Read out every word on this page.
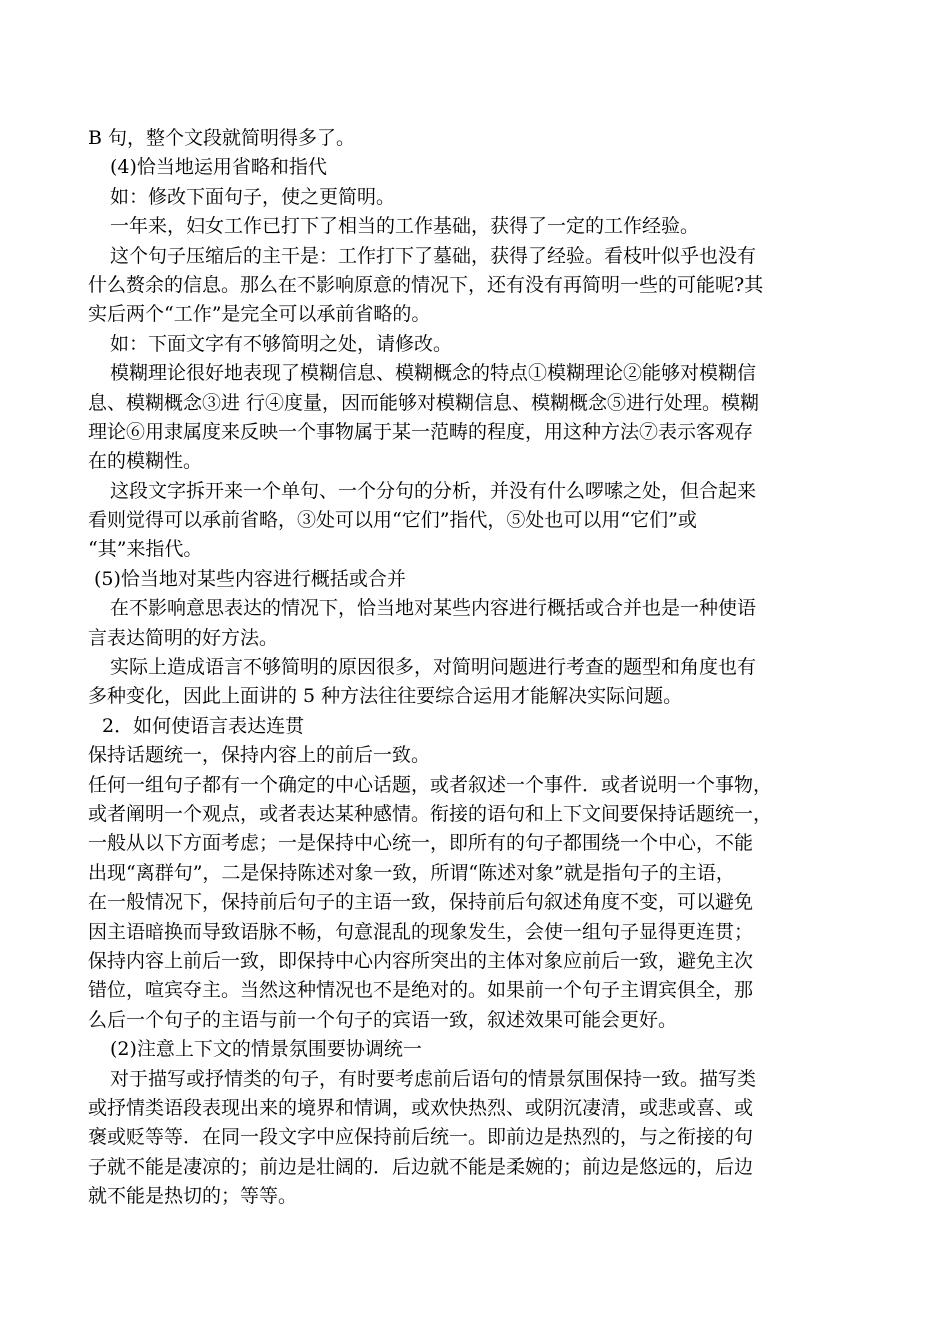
B 句，整个文段就简明得多了。
(4)恰当地运用省略和指代
如：修改下面句子，使之更简明。
一年来，妇女工作已打下了相当的工作基础，获得了一定的工作经验。
这个句子压缩后的主干是：工作打下了墓础，获得了经验。看枝叶似乎也没有
什么赘余的信息。那么在不影响原意的情况下，还有没有再简明一些的可能呢?其
实后两个“工作”是完全可以承前省略的。
如：下面文字有不够简明之处，请修改。
模糊理论很好地表现了模糊信息、模糊概念的特点①模糊理论②能够对模糊信
息、模糊概念③进 行④度量，因而能够对模糊信息、模糊概念⑤进行处理。模糊
理论⑥用隶属度来反映一个事物属于某一范畴的程度，用这种方法⑦表示客观存
在的模糊性。
这段文字拆开来一个单句、一个分句的分析，并没有什么啰嗦之处，但合起来
看则觉得可以承前省略，③处可以用“它们”指代，⑤处也可以用“它们”或
“其”来指代。
(5)恰当地对某些内容进行概括或合并
在不影响意思表达的情况下，恰当地对某些内容进行概括或合并也是一种使语
言表达简明的好方法。
实际上造成语言不够简明的原因很多，对简明问题进行考查的题型和角度也有
多种变化，因此上面讲的 5 种方法往往要综合运用才能解决实际问题。
2．如何使语言表达连贯
保持话题统一，保持内容上的前后一致。
任何一组句子都有一个确定的中心话题，或者叙述一个事件．或者说明一个事物，
或者阐明一个观点，或者表达某种感情。衔接的语句和上下文间要保持话题统一，
一般从以下方面考虑；一是保持中心统一，即所有的句子都围绕一个中心，不能
出现“离群句”，二是保持陈述对象一致，所谓“陈述对象”就是指句子的主语，
在一般情况下，保持前后句子的主语一致，保持前后句叙述角度不变，可以避免
因主语暗换而导致语脉不畅，句意混乱的现象发生，会使一组句子显得更连贯；
保持内容上前后一致，即保持中心内容所突出的主体对象应前后一致，避免主次
错位，喧宾夺主。当然这种情况也不是绝对的。如果前一个句子主谓宾俱全，那
么后一个句子的主语与前一个句子的宾语一致，叙述效果可能会更好。
(2)注意上下文的情景氛围要协调统一
对于描写或抒情类的句子，有时要考虑前后语句的情景氛围保持一致。描写类
或抒情类语段表现出来的境界和情调，或欢快热烈、或阴沉凄清，或悲或喜、或
褒或贬等等．在同一段文字中应保持前后统一。即前边是热烈的，与之衔接的句
子就不能是凄凉的；前边是壮阔的．后边就不能是柔婉的；前边是悠远的，后边
就不能是热切的；等等。
